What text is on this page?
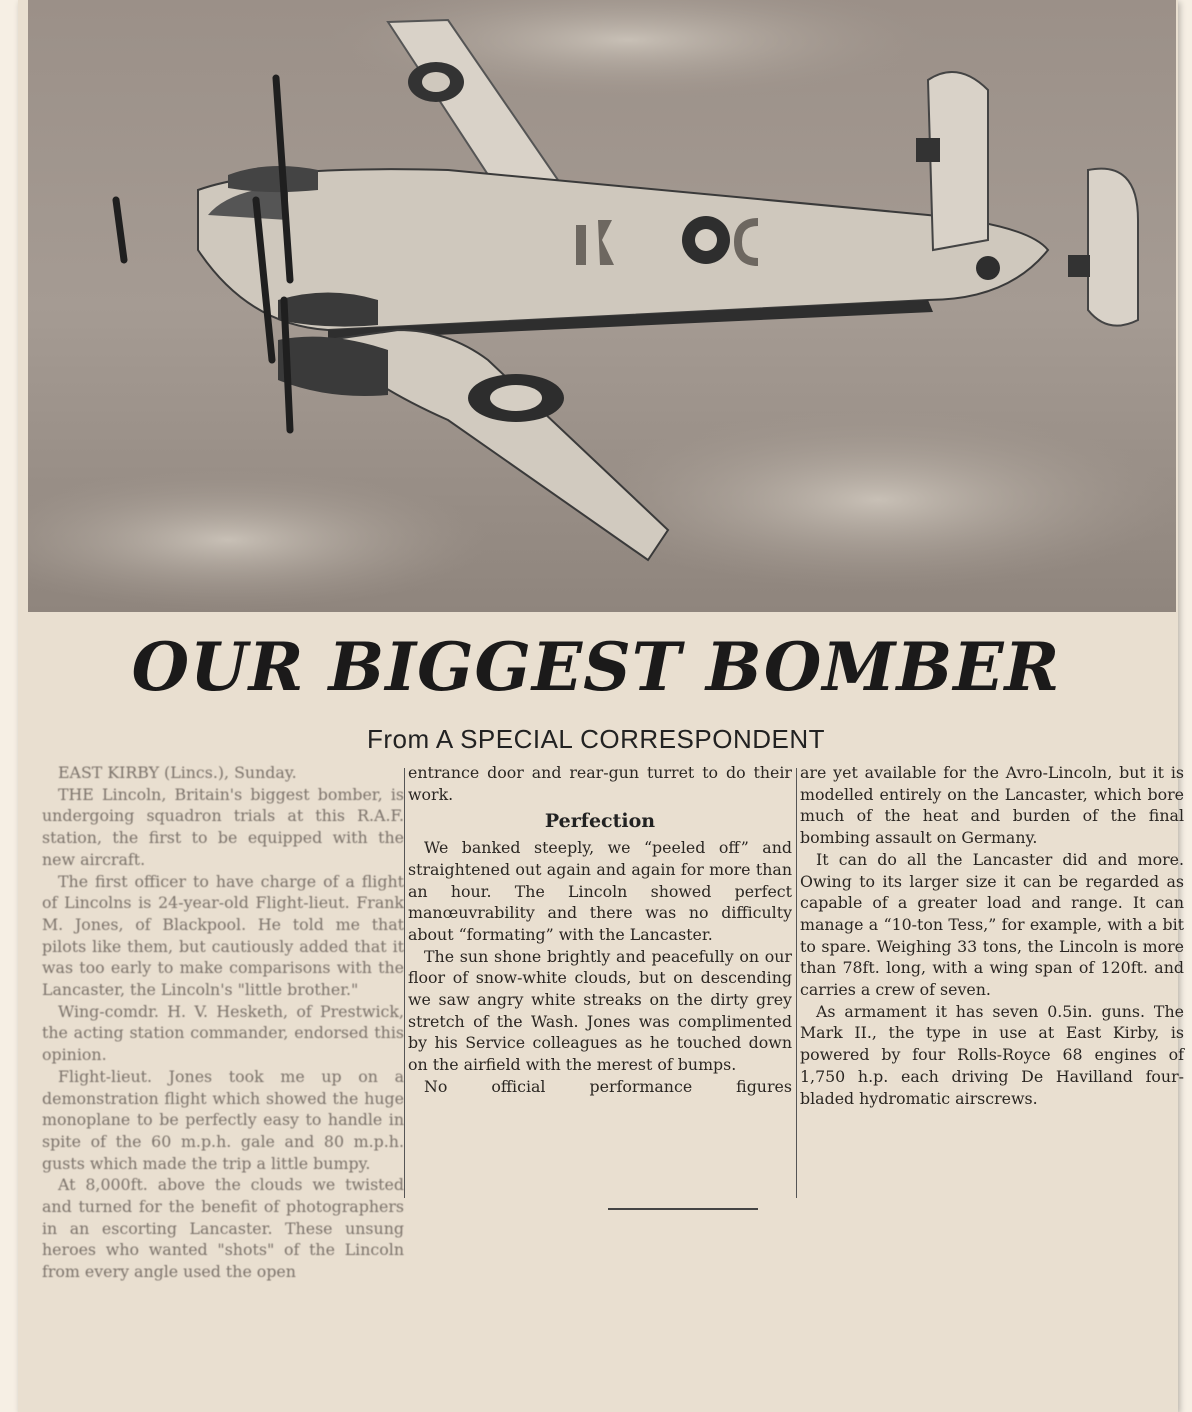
OUR BIGGEST BOMBER
From A SPECIAL CORRESPONDENT

EAST KIRBY (Lincs.), Sunday.

THE Lincoln, Britain's biggest bomber, is undergoing squadron trials at this R.A.F. station, the first to be equipped with the new aircraft.

The first officer to have charge of a flight of Lincolns is 24-year-old Flight-lieut. Frank M. Jones, of Blackpool. He told me that pilots like them, but cautiously added that it was too early to make comparisons with the Lancaster, the Lincoln's "little brother."

Wing-comdr. H. V. Hesketh, of Prestwick, the acting station commander, endorsed this opinion.

Flight-lieut. Jones took me up on a demonstration flight which showed the huge monoplane to be perfectly easy to handle in spite of the 60 m.p.h. gale and 80 m.p.h. gusts which made the trip a little bumpy.

At 8,000ft. above the clouds we twisted and turned for the benefit of photographers in an escorting Lancaster. These unsung heroes who wanted "shots" of the Lincoln from every angle used the open

entrance door and rear-gun turret to do their work.

Perfection

We banked steeply, we “peeled off” and straightened out again and again for more than an hour. The Lincoln showed perfect manœuvrability and there was no difficulty about “formating” with the Lancaster.

The sun shone brightly and peacefully on our floor of snow-white clouds, but on descending we saw angry white streaks on the dirty grey stretch of the Wash. Jones was complimented by his Service colleagues as he touched down on the airfield with the merest of bumps.

No official performance figures

are yet available for the Avro-Lincoln, but it is modelled entirely on the Lancaster, which bore much of the heat and burden of the final bombing assault on Germany.

It can do all the Lancaster did and more. Owing to its larger size it can be regarded as capable of a greater load and range. It can manage a “10-ton Tess,” for example, with a bit to spare. Weighing 33 tons, the Lincoln is more than 78ft. long, with a wing span of 120ft. and carries a crew of seven.

As armament it has seven 0.5in. guns. The Mark II., the type in use at East Kirby, is powered by four Rolls-Royce 68 engines of 1,750 h.p. each driving De Havilland four-bladed hydromatic airscrews.
